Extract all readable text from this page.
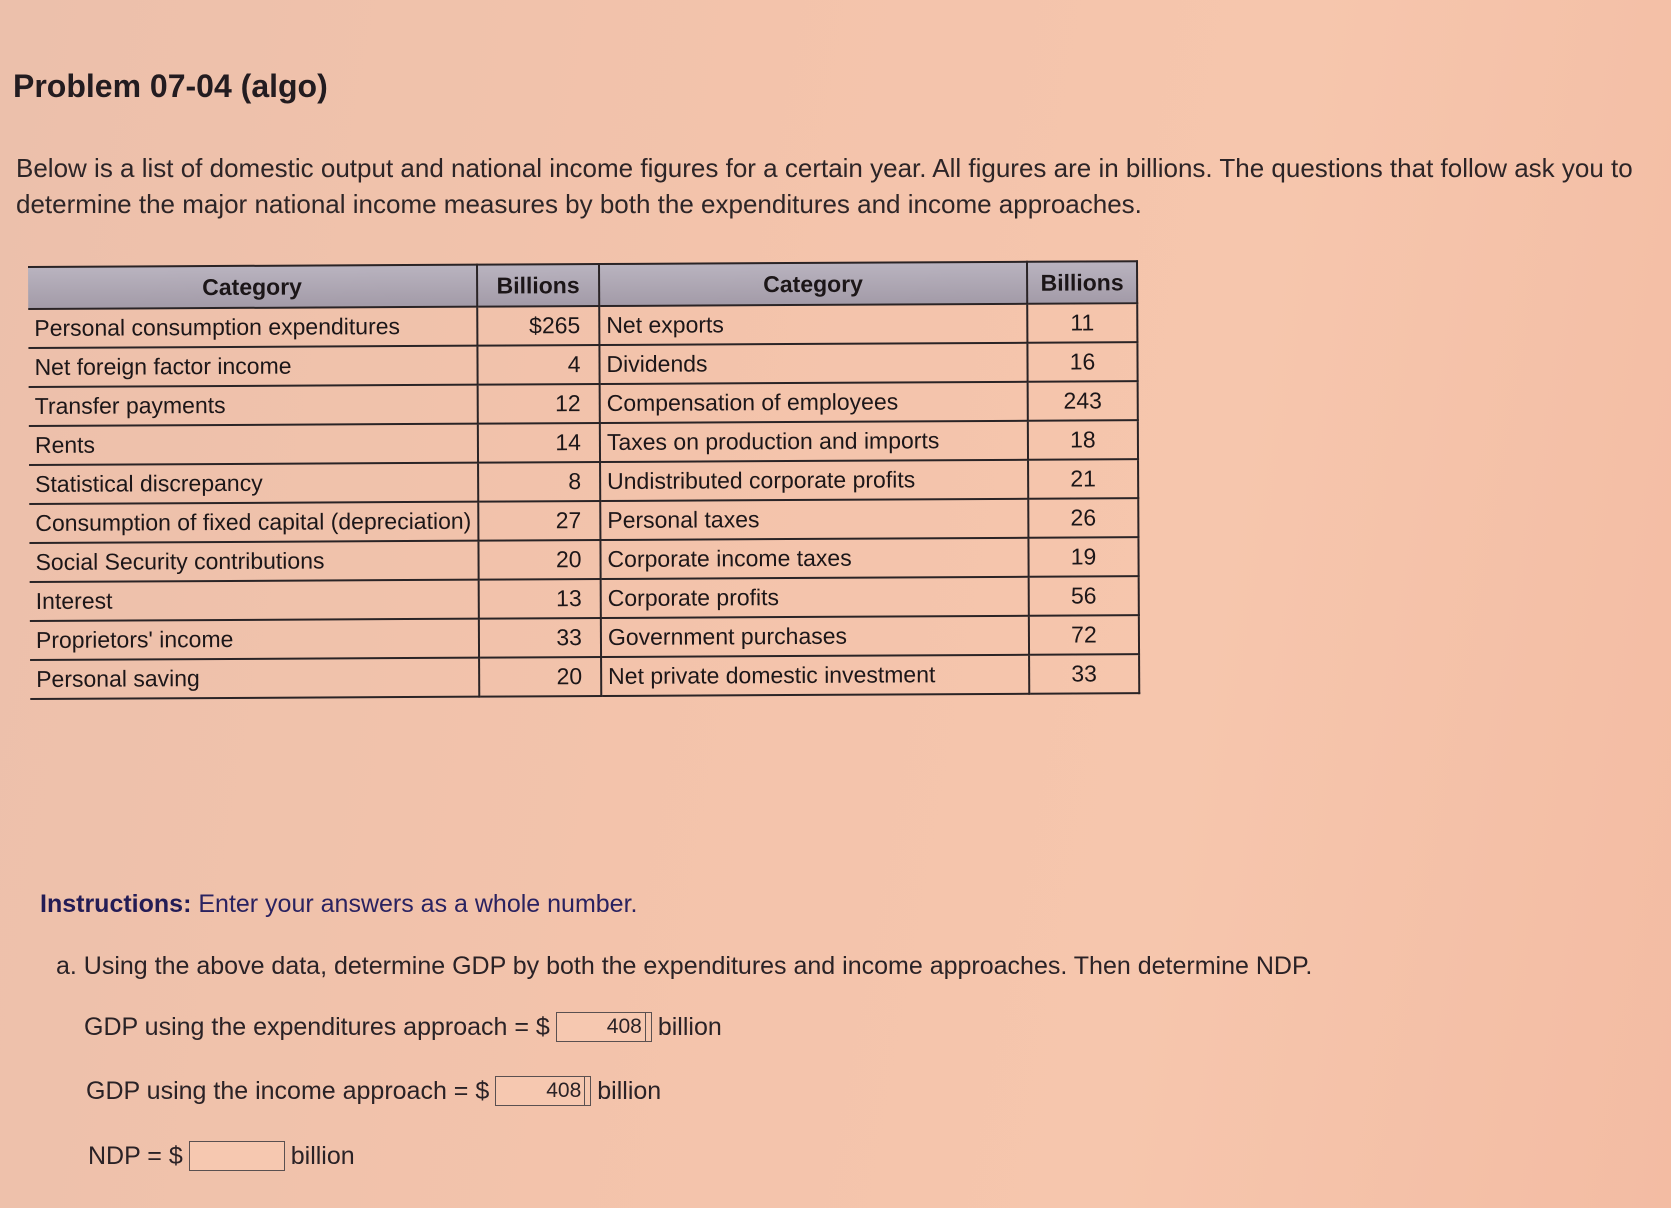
Problem 07-04 (algo)

Below is a list of domestic output and national income figures for a certain year. All figures are in billions. The questions that follow ask you to determine the major national income measures by both the expenditures and income approaches.

Category	Billions	Category	Billions
Personal consumption expenditures	$265	Net exports	11
Net foreign factor income	4	Dividends	16
Transfer payments	12	Compensation of employees	243
Rents	14	Taxes on production and imports	18
Statistical discrepancy	8	Undistributed corporate profits	21
Consumption of fixed capital (depreciation)	27	Personal taxes	26
Social Security contributions	20	Corporate income taxes	19
Interest	13	Corporate profits	56
Proprietors' income	33	Government purchases	72
Personal saving	20	Net private domestic investment	33

Instructions: Enter your answers as a whole number.

a. Using the above data, determine GDP by both the expenditures and income approaches. Then determine NDP.

GDP using the expenditures approach = $	408 billion
GDP using the income approach = $	408 billion
NDP = $	billion
